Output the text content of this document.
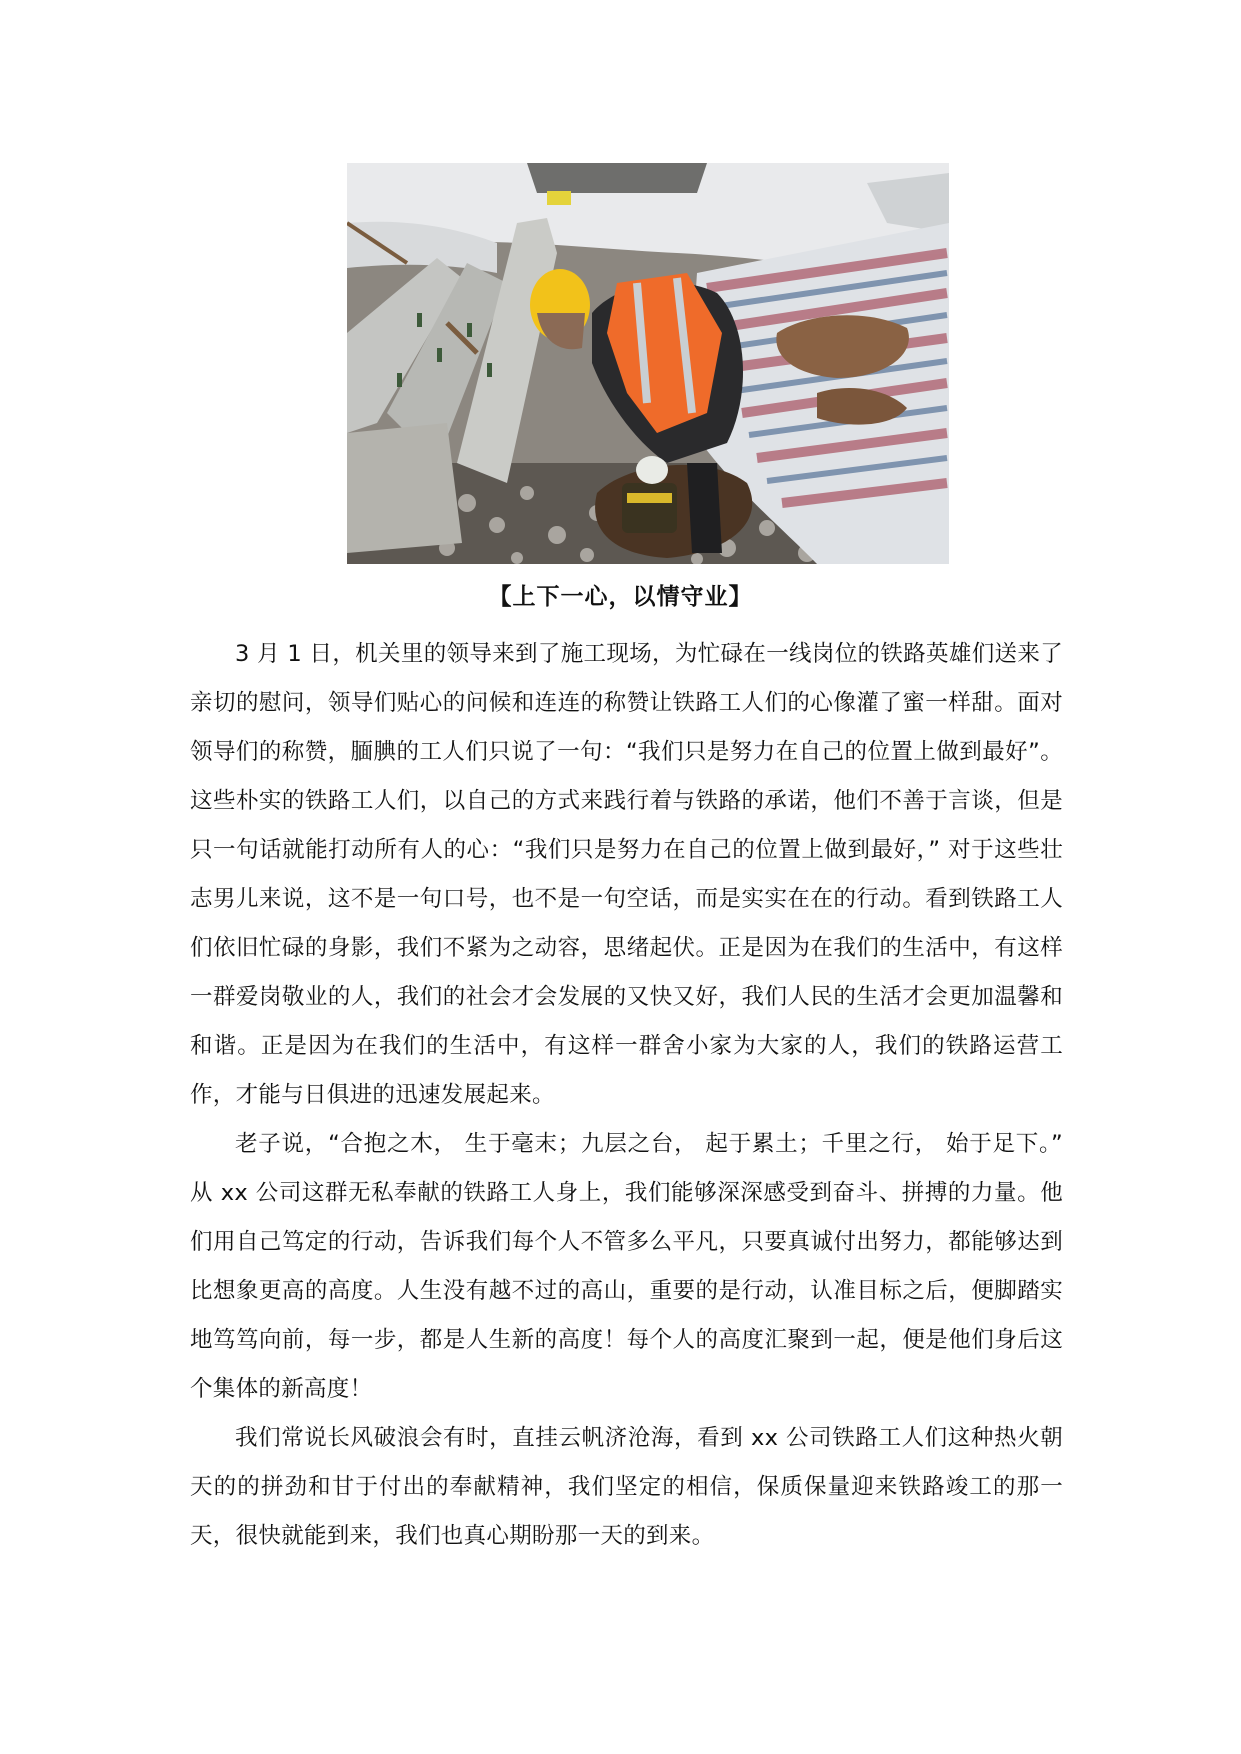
【上下一心，以情守业】

3 月 1 日，机关里的领导来到了施工现场，为忙碌在一线岗位的铁路英雄们送来了亲切的慰问，领导们贴心的问候和连连的称赞让铁路工人们的心像灌了蜜一样甜。面对领导们的称赞，腼腆的工人们只说了一句：“我们只是努力在自己的位置上做到最好”。 这些朴实的铁路工人们，以自己的方式来践行着与铁路的承诺，他们不善于言谈，但是只一句话就能打动所有人的心：“我们只是努力在自己的位置上做到最好，” 对于这些壮志男儿来说，这不是一句口号，也不是一句空话，而是实实在在的行动。看到铁路工人们依旧忙碌的身影，我们不紧为之动容，思绪起伏。正是因为在我们的生活中，有这样一群爱岗敬业的人，我们的社会才会发展的又快又好，我们人民的生活才会更加温馨和和谐。正是因为在我们的生活中，有这样一群舍小家为大家的人，我们的铁路运营工作，才能与日俱进的迅速发展起来。

老子说，“合抱之木， 生于毫末；九层之台， 起于累土；千里之行， 始于足下。” 从 xx 公司这群无私奉献的铁路工人身上，我们能够深深感受到奋斗、拼搏的力量。他们用自己笃定的行动，告诉我们每个人不管多么平凡，只要真诚付出努力，都能够达到比想象更高的高度。人生没有越不过的高山，重要的是行动，认准目标之后，便脚踏实地笃笃向前，每一步，都是人生新的高度！每个人的高度汇聚到一起，便是他们身后这个集体的新高度！

我们常说长风破浪会有时，直挂云帆济沧海，看到 xx 公司铁路工人们这种热火朝天的的拼劲和甘于付出的奉献精神，我们坚定的相信，保质保量迎来铁路竣工的那一天，很快就能到来，我们也真心期盼那一天的到来。
